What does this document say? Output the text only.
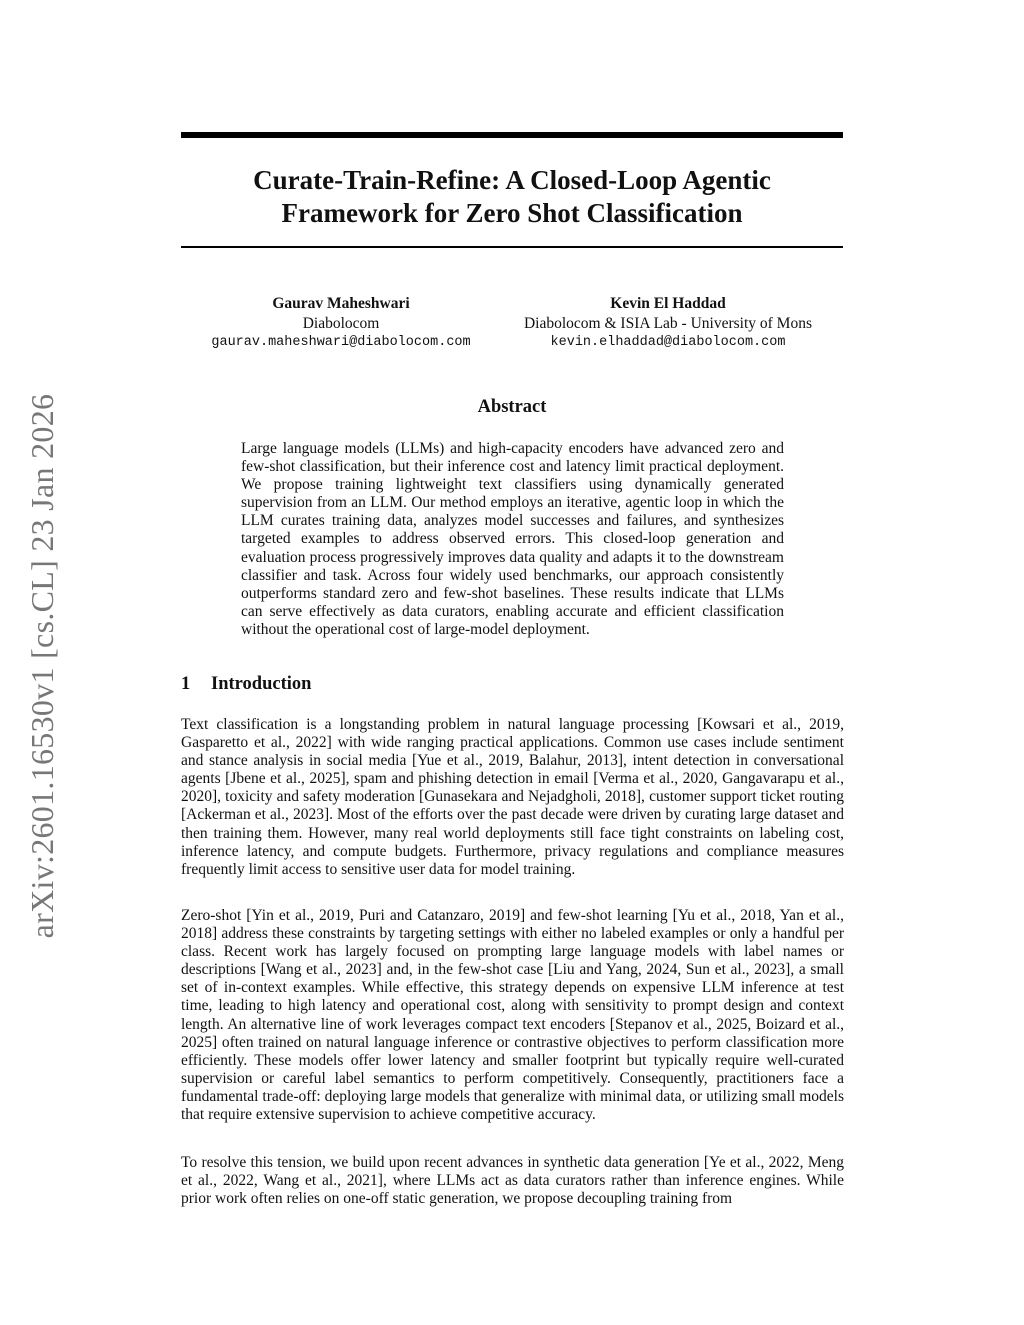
Curate-Train-Refine: A Closed-Loop Agentic
Framework for Zero Shot Classification
Gaurav Maheshwari
Diabolocom
gaurav.maheshwari@diabolocom.com
Kevin El Haddad
Diabolocom & ISIA Lab - University of Mons
kevin.elhaddad@diabolocom.com
arXiv:2601.16530v1 [cs.CL] 23 Jan 2026	Abstract

Large language models (LLMs) and high-capacity encoders have advanced zero and few-shot classification, but their inference cost and latency limit practical deployment. We propose training lightweight text classifiers using dynamically generated supervision from an LLM. Our method employs an iterative, agentic loop in which the LLM curates training data, analyzes model successes and failures, and synthesizes targeted examples to address observed errors. This closed-loop generation and evaluation process progressively improves data quality and adapts it to the downstream classifier and task. Across four widely used benchmarks, our approach consistently outperforms standard zero and few-shot baselines. These results indicate that LLMs can serve effectively as data curators, enabling accurate and efficient classification without the operational cost of large-model deployment.

1 Introduction

Text classification is a longstanding problem in natural language processing [Kowsari et al., 2019, Gasparetto et al., 2022] with wide ranging practical applications. Common use cases include sentiment and stance analysis in social media [Yue et al., 2019, Balahur, 2013], intent detection in conversational agents [Jbene et al., 2025], spam and phishing detection in email [Verma et al., 2020, Gangavarapu et al., 2020], toxicity and safety moderation [Gunasekara and Nejadgholi, 2018], customer support ticket routing [Ackerman et al., 2023]. Most of the efforts over the past decade were driven by curating large dataset and then training them. However, many real world deployments still face tight constraints on labeling cost, inference latency, and compute budgets. Furthermore, privacy regulations and compliance measures frequently limit access to sensitive user data for model training.

Zero-shot [Yin et al., 2019, Puri and Catanzaro, 2019] and few-shot learning [Yu et al., 2018, Yan et al., 2018] address these constraints by targeting settings with either no labeled examples or only a handful per class. Recent work has largely focused on prompting large language models with label names or descriptions [Wang et al., 2023] and, in the few-shot case [Liu and Yang, 2024, Sun et al., 2023], a small set of in-context examples. While effective, this strategy depends on expensive LLM inference at test time, leading to high latency and operational cost, along with sensitivity to prompt design and context length. An alternative line of work leverages compact text encoders [Stepanov et al., 2025, Boizard et al., 2025] often trained on natural language inference or contrastive objectives to perform classification more efficiently. These models offer lower latency and smaller footprint but typically require well-curated supervision or careful label semantics to perform competitively. Consequently, practitioners face a fundamental trade-off: deploying large models that generalize with minimal data, or utilizing small models that require extensive supervision to achieve competitive accuracy.

To resolve this tension, we build upon recent advances in synthetic data generation [Ye et al., 2022, Meng et al., 2022, Wang et al., 2021], where LLMs act as data curators rather than inference engines. While prior work often relies on one-off static generation, we propose decoupling training from
